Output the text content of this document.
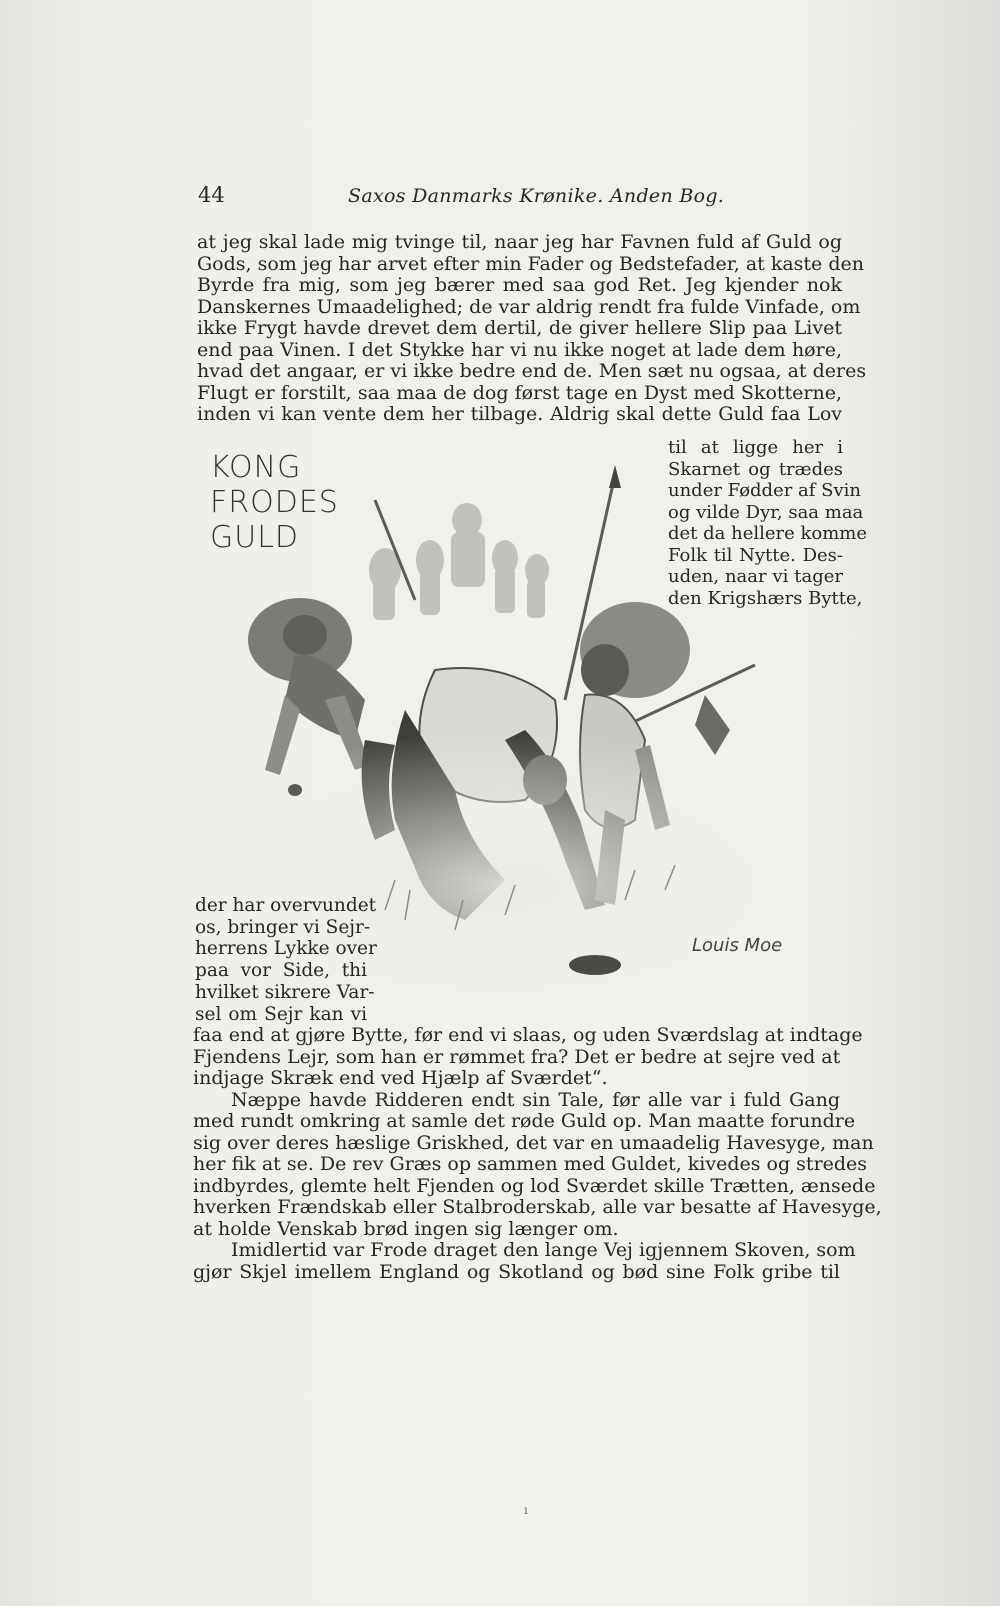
44	Saxos Danmarks Krønike. Anden Bog.
at jeg skal lade mig tvinge til, naar jeg har Favnen fuld af Guld og
Gods, som jeg har arvet efter min Fader og Bedstefader, at kaste den
Byrde fra mig, som jeg bærer med saa god Ret. Jeg kjender nok
Danskernes Umaadelighed; de var aldrig rendt fra fulde Vinfade, om
ikke Frygt havde drevet dem dertil, de giver hellere Slip paa Livet
end paa Vinen. I det Stykke har vi nu ikke noget at lade dem høre,
hvad det angaar, er vi ikke bedre end de. Men sæt nu ogsaa, at deres
Flugt er forstilt, saa maa de dog først tage en Dyst med Skotterne,
inden vi kan vente dem her tilbage. Aldrig skal dette Guld faa Lov
KONG
FRODES
GULD
Louis Moe
til at ligge her i
Skarnet og trædes
under Fødder af Svin
og vilde Dyr, saa maa
det da hellere komme
Folk til Nytte. Des-
uden, naar vi tager
den Krigshærs Bytte,
der har overvundet
os, bringer vi Sejr-
herrens Lykke over
paa vor Side, thi
hvilket sikrere Var-
sel om Sejr kan vi
faa end at gjøre Bytte, før end vi slaas, og uden Sværdslag at indtage
Fjendens Lejr, som han er rømmet fra? Det er bedre at sejre ved at
indjage Skræk end ved Hjælp af Sværdet“.
Næppe havde Ridderen endt sin Tale, før alle var i fuld Gang
med rundt omkring at samle det røde Guld op. Man maatte forundre
sig over deres hæslige Griskhed, det var en umaadelig Havesyge, man
her fik at se. De rev Græs op sammen med Guldet, kivedes og stredes
indbyrdes, glemte helt Fjenden og lod Sværdet skille Trætten, ænsede
hverken Frændskab eller Stalbroderskab, alle var besatte af Havesyge,
at holde Venskab brød ingen sig længer om.
Imidlertid var Frode draget den lange Vej igjennem Skoven, som
gjør Skjel imellem England og Skotland og bød sine Folk gribe til
ı
